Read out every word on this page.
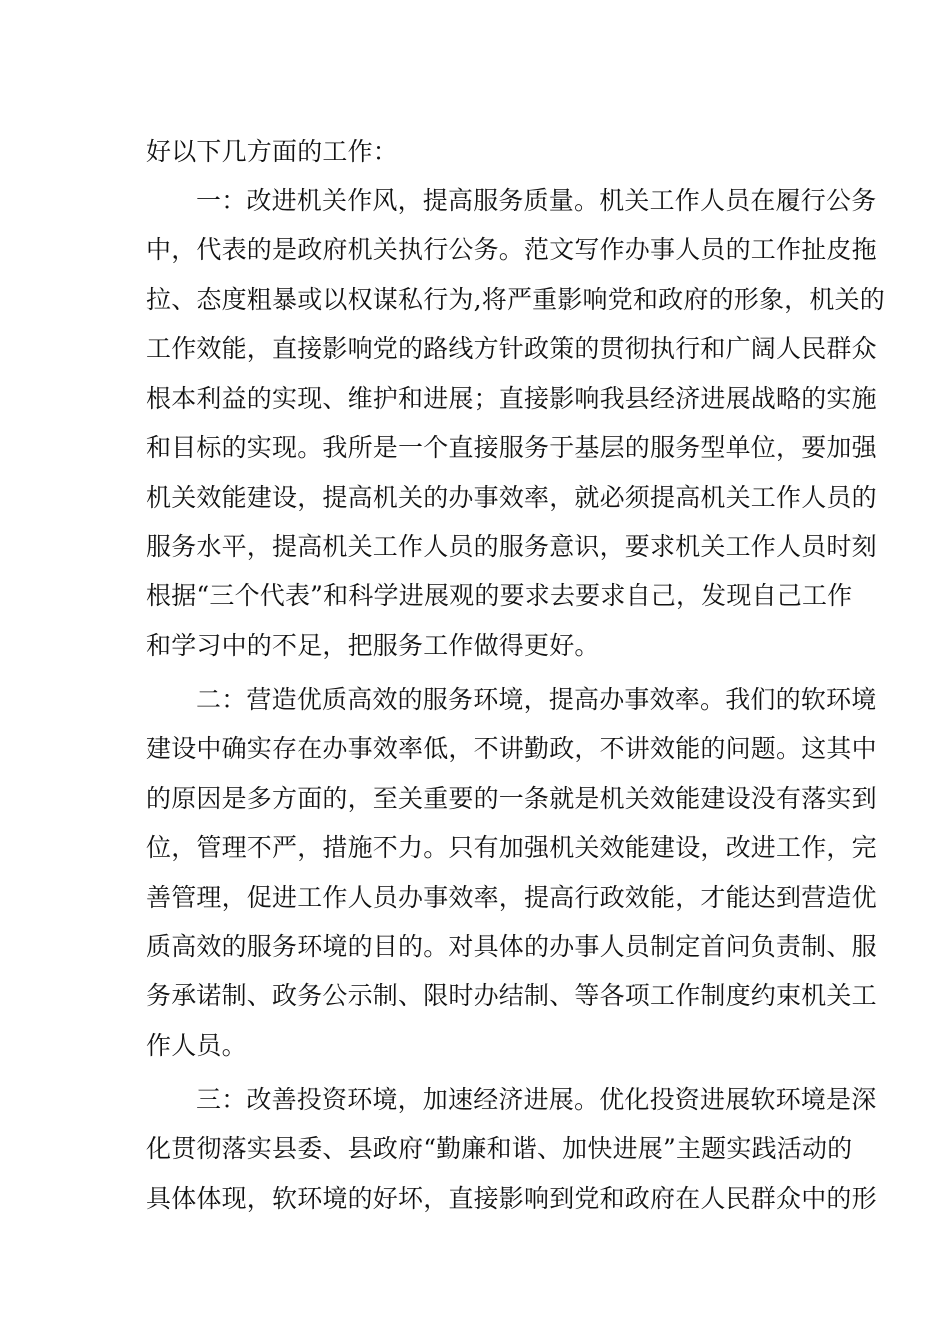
好以下几方面的工作：
一：改进机关作风，提高服务质量。机关工作人员在履行公务
中，代表的是政府机关执行公务。范文写作办事人员的工作扯皮拖
拉、态度粗暴或以权谋私行为,将严重影响党和政府的形象，机关的
工作效能，直接影响党的路线方针政策的贯彻执行和广阔人民群众
根本利益的实现、维护和进展；直接影响我县经济进展战略的实施
和目标的实现。我所是一个直接服务于基层的服务型单位，要加强
机关效能建设，提高机关的办事效率，就必须提高机关工作人员的
服务水平，提高机关工作人员的服务意识，要求机关工作人员时刻
根据“三个代表”和科学进展观的要求去要求自己，发现自己工作
和学习中的不足，把服务工作做得更好。
二：营造优质高效的服务环境，提高办事效率。我们的软环境
建设中确实存在办事效率低，不讲勤政，不讲效能的问题。这其中
的原因是多方面的，至关重要的一条就是机关效能建设没有落实到
位，管理不严，措施不力。只有加强机关效能建设，改进工作，完
善管理，促进工作人员办事效率，提高行政效能，才能达到营造优
质高效的服务环境的目的。对具体的办事人员制定首问负责制、服
务承诺制、政务公示制、限时办结制、等各项工作制度约束机关工
作人员。
三：改善投资环境，加速经济进展。优化投资进展软环境是深
化贯彻落实县委、县政府“勤廉和谐、加快进展”主题实践活动的
具体体现，软环境的好坏，直接影响到党和政府在人民群众中的形
